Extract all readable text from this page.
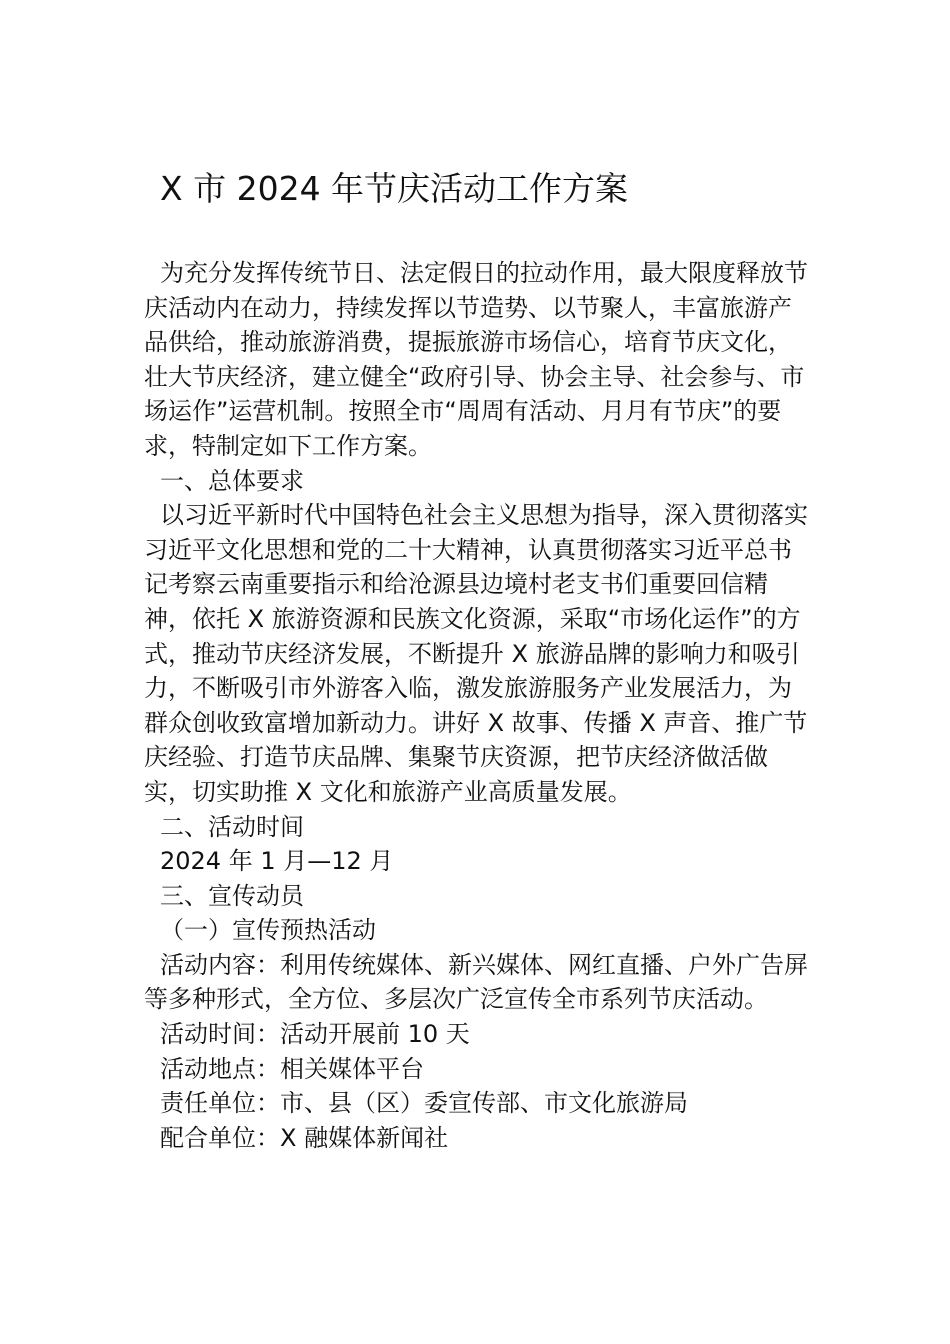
X 市 2024 年节庆活动工作方案

为充分发挥传统节日、法定假日的拉动作用，最大限度释放节庆活动内在动力，持续发挥以节造势、以节聚人，丰富旅游产品供给，推动旅游消费，提振旅游市场信心，培育节庆文化，壮大节庆经济，建立健全“政府引导、协会主导、社会参与、市场运作”运营机制。按照全市“周周有活动、月月有节庆”的要求，特制定如下工作方案。

一、总体要求

以习近平新时代中国特色社会主义思想为指导，深入贯彻落实习近平文化思想和党的二十大精神，认真贯彻落实习近平总书记考察云南重要指示和给沧源县边境村老支书们重要回信精神，依托 X 旅游资源和民族文化资源，采取“市场化运作”的方式，推动节庆经济发展，不断提升 X 旅游品牌的影响力和吸引力，不断吸引市外游客入临，激发旅游服务产业发展活力，为群众创收致富增加新动力。讲好 X 故事、传播 X 声音、推广节庆经验、打造节庆品牌、集聚节庆资源，把节庆经济做活做实，切实助推 X 文化和旅游产业高质量发展。

二、活动时间

2024 年 1 月—12 月

三、宣传动员

（一）宣传预热活动

活动内容：利用传统媒体、新兴媒体、网红直播、户外广告屏等多种形式，全方位、多层次广泛宣传全市系列节庆活动。

活动时间：活动开展前 10 天

活动地点：相关媒体平台

责任单位：市、县（区）委宣传部、市文化旅游局

配合单位：X 融媒体新闻社
